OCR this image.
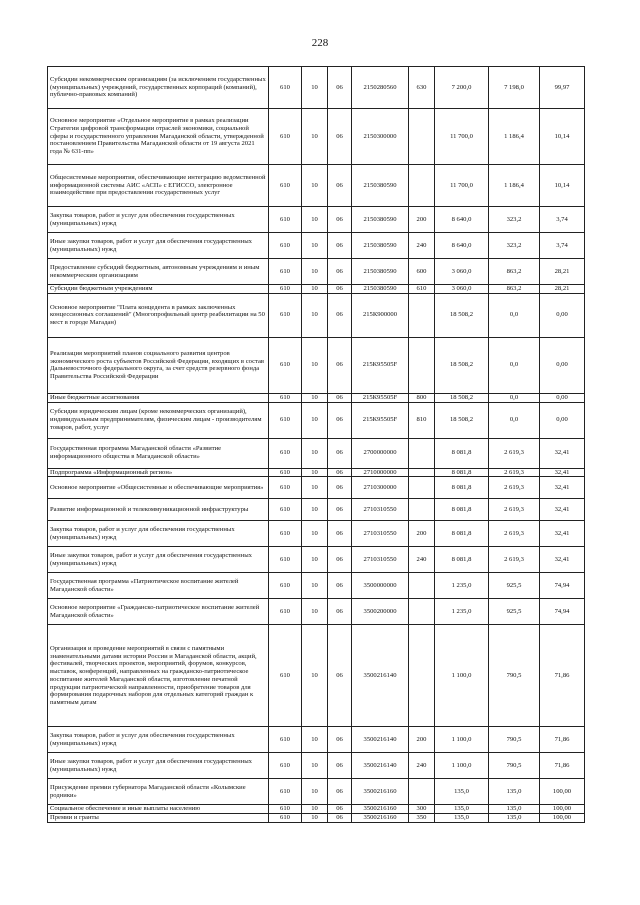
228
Субсидии некоммерческим организациям (за исключением государственных (муниципальных) учреждений, государственных корпораций (компаний), публично-правовых компаний)	610	10	06	2150280560	630	7 200,0	7 198,0	99,97
Основное мероприятие «Отдельное мероприятие в рамках реализации Стратегии цифровой трансформации отраслей экономики, социальной сферы и государственного управления Магаданской области, утвержденной постановлением Правительства Магаданской области от 19 августа 2021 года № 631-пп»	610	10	06	2150300000		11 700,0	1 186,4	10,14
Общесистемные мероприятия, обеспечивающие интеграцию ведомственной информационной системы АИС «АСП» с ЕГИССО, электронное взаимодействие при предоставлении государственных услуг	610	10	06	2150380590		11 700,0	1 186,4	10,14
Закупка товаров, работ и услуг для обеспечения государственных (муниципальных) нужд	610	10	06	2150380590	200	8 640,0	323,2	3,74
Иные закупки товаров, работ и услуг для обеспечения государственных (муниципальных) нужд	610	10	06	2150380590	240	8 640,0	323,2	3,74
Предоставление субсидий бюджетным, автономным учреждениям и иным некоммерческим организациям	610	10	06	2150380590	600	3 060,0	863,2	28,21
Субсидии бюджетным учреждениям	610	10	06	2150380590	610	3 060,0	863,2	28,21
Основное мероприятие "Плата концедента в рамках заключенных концессионных соглашений" (Многопрофильный центр реабилитации на 50 мест в городе Магадан)	610	10	06	215К900000		18 508,2	0,0	0,00
Реализация мероприятий планов социального развития центров экономического роста субъектов Российской Федерации, входящих в состав Дальневосточного федерального округа, за счет средств резервного фонда Правительства Российской Федерации	610	10	06	215К95505F		18 508,2	0,0	0,00
Иные бюджетные ассигнования	610	10	06	215К95505F	800	18 508,2	0,0	0,00
Субсидии юридическим лицам (кроме некоммерческих организаций), индивидуальным предпринимателям, физическим лицам - производителям товаров, работ, услуг	610	10	06	215К95505F	810	18 508,2	0,0	0,00
Государственная программа Магаданской области «Развитие информационного общества в Магаданской области»	610	10	06	2700000000		8 081,8	2 619,3	32,41
Подпрограмма «Информационный регион»	610	10	06	2710000000		8 081,8	2 619,3	32,41
Основное мероприятие «Общесистемные и обеспечивающие мероприятия»	610	10	06	2710300000		8 081,8	2 619,3	32,41
Развитие информационной и телекоммуникационной инфраструктуры	610	10	06	2710310550		8 081,8	2 619,3	32,41
Закупка товаров, работ и услуг для обеспечения государственных (муниципальных) нужд	610	10	06	2710310550	200	8 081,8	2 619,3	32,41
Иные закупки товаров, работ и услуг для обеспечения государственных (муниципальных) нужд	610	10	06	2710310550	240	8 081,8	2 619,3	32,41
Государственная программа «Патриотическое воспитание жителей Магаданской области»	610	10	06	3500000000		1 235,0	925,5	74,94
Основное мероприятие «Гражданско-патриотическое воспитание жителей Магаданской области»	610	10	06	3500200000		1 235,0	925,5	74,94
Организация и проведение мероприятий в связи с памятными знаменательными датами истории России и Магаданской области, акций, фестивалей, творческих проектов, мероприятий, форумов, конкурсов, выставок, конференций, направленных на гражданско-патриотическое воспитание жителей Магаданской области, изготовление печатной продукции патриотической направленности, приобретение товаров для формирования подарочных наборов для отдельных категорий граждан к памятным датам	610	10	06	3500216140		1 100,0	790,5	71,86
Закупка товаров, работ и услуг для обеспечения государственных (муниципальных) нужд	610	10	06	3500216140	200	1 100,0	790,5	71,86
Иные закупки товаров, работ и услуг для обеспечения государственных (муниципальных) нужд	610	10	06	3500216140	240	1 100,0	790,5	71,86
Присуждение премии губернатора Магаданской области «Колымские родники»	610	10	06	3500216160		135,0	135,0	100,00
Социальное обеспечение и иные выплаты населению	610	10	06	3500216160	300	135,0	135,0	100,00
Премии и гранты	610	10	06	3500216160	350	135,0	135,0	100,00
